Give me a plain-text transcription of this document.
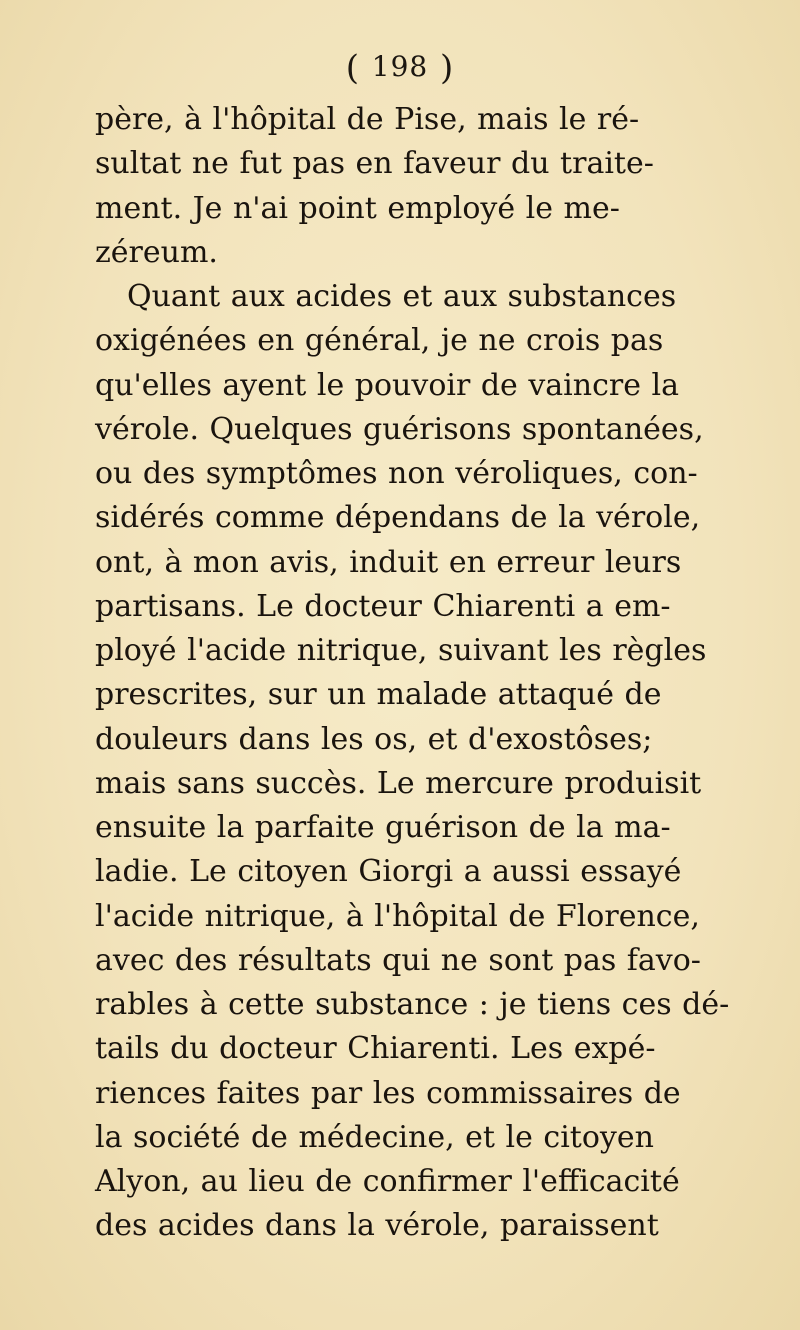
( 198 )
père, à l'hôpital de Pise, mais le ré-
sultat ne fut pas en faveur du traite-
ment. Je n'ai point employé le me-
zéreum.
Quant aux acides et aux substances
oxigénées en général, je ne crois pas
qu'elles ayent le pouvoir de vaincre la
vérole. Quelques guérisons spontanées,
ou des symptômes non véroliques, con-
sidérés comme dépendans de la vérole,
ont, à mon avis, induit en erreur leurs
partisans. Le docteur Chiarenti a em-
ployé l'acide nitrique, suivant les règles
prescrites, sur un malade attaqué de
douleurs dans les os, et d'exostôses;
mais sans succès. Le mercure produisit
ensuite la parfaite guérison de la ma-
ladie. Le citoyen Giorgi a aussi essayé
l'acide nitrique, à l'hôpital de Florence,
avec des résultats qui ne sont pas favo-
rables à cette substance : je tiens ces dé-
tails du docteur Chiarenti. Les expé-
riences faites par les commissaires de
la société de médecine, et le citoyen
Alyon, au lieu de confirmer l'efficacité
des acides dans la vérole, paraissent
